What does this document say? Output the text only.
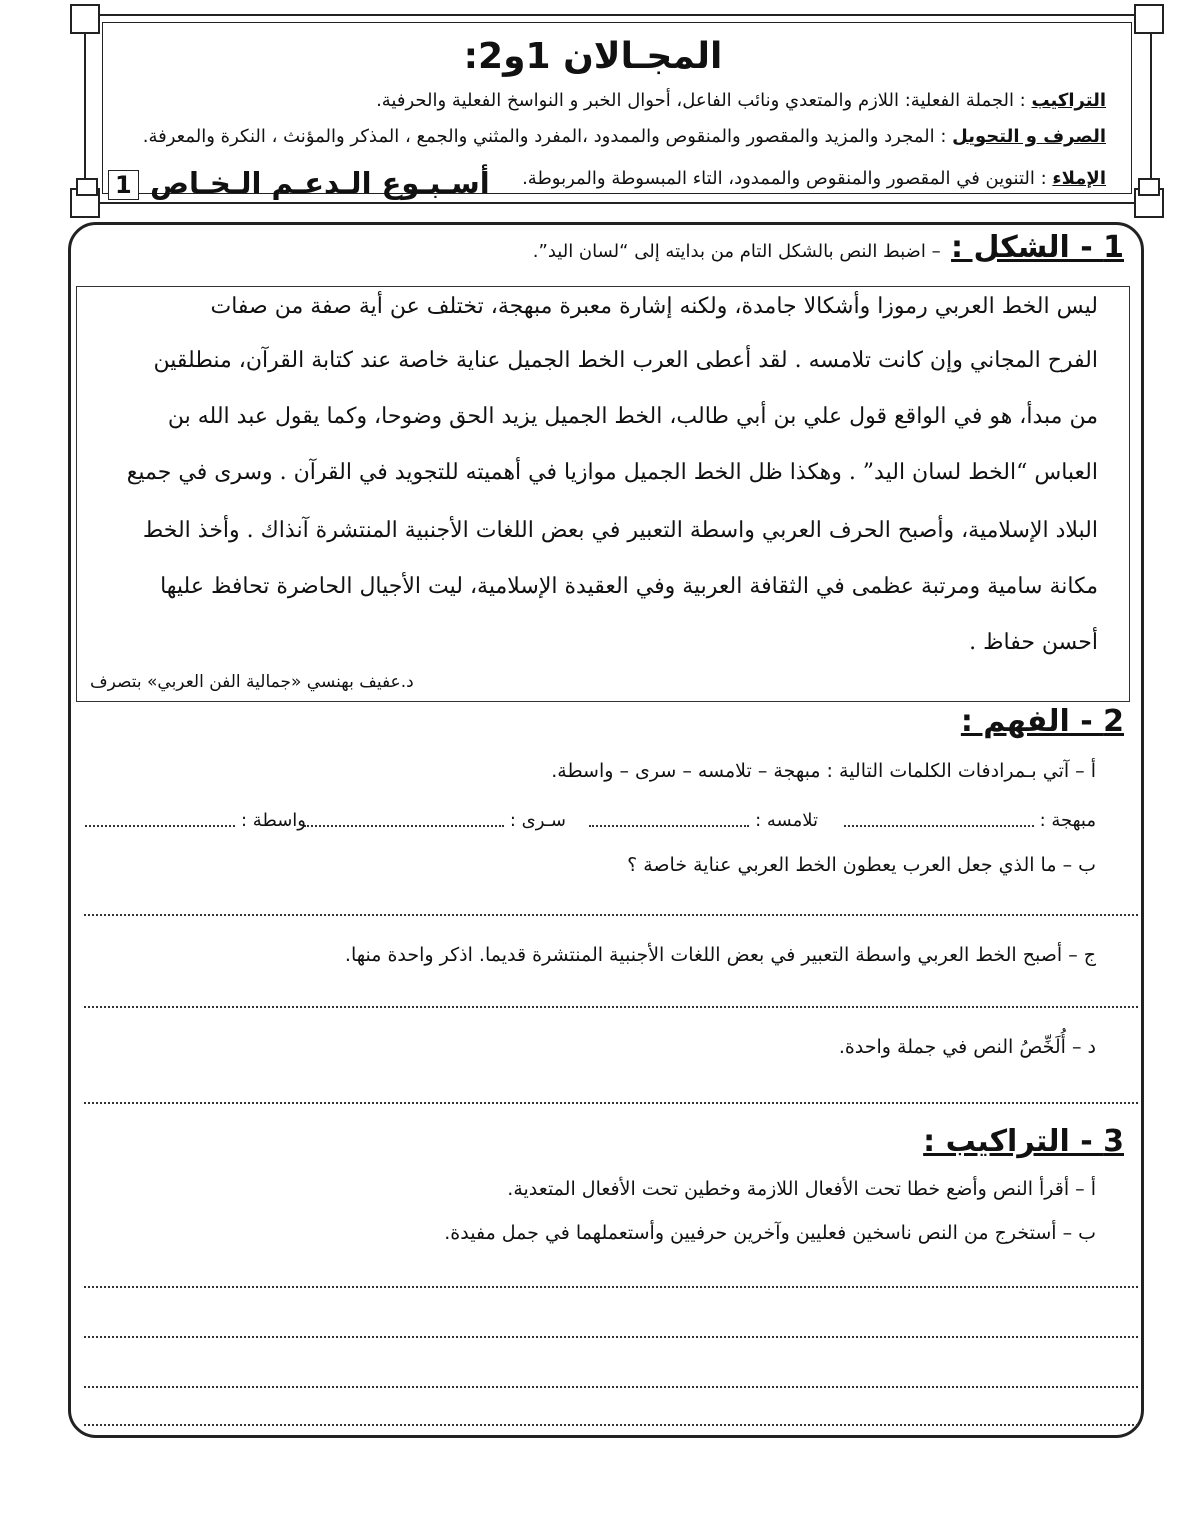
المجـالان 1و2:
التراكيب : الجملة الفعلية: اللازم والمتعدي ونائب الفاعل، أحوال الخبر و النواسخ الفعلية والحرفية.
الصرف و التحويل : المجرد والمزيد والمقصور والمنقوص والممدود ،المفرد والمثني والجمع ، المذكر والمؤنث ، النكرة والمعرفة.
الإملاء : التنوين في المقصور والمنقوص والممدود، التاء المبسوطة والمربوطة.
أسـبـوع الـدعـم الـخـاص
1
1 - الشكل : – اضبط النص بالشكل التام من بدايته إلى “لسان اليد”.
ليس الخط العربي رموزا وأشكالا جامدة، ولكنه إشارة معبرة مبهجة، تختلف عن أية صفة من صفات
الفرح المجاني وإن كانت تلامسه . لقد أعطى العرب الخط الجميل عناية خاصة عند كتابة القرآن، منطلقين
من مبدأ، هو في الواقع قول علي بن أبي طالب، الخط الجميل يزيد الحق وضوحا، وكما يقول عبد الله بن
العباس “الخط لسان اليد” . وهكذا ظل الخط الجميل موازيا في أهميته للتجويد في القرآن . وسرى في جميع
البلاد الإسلامية، وأصبح الحرف العربي واسطة التعبير في بعض اللغات الأجنبية المنتشرة آنذاك . وأخذ الخط
مكانة سامية ومرتبة عظمى في الثقافة العربية وفي العقيدة الإسلامية، ليت الأجيال الحاضرة تحافظ عليها
أحسن حفاظ .
د.عفيف بهنسي «جمالية الفن العربي» بتصرف
2 - الفهم :
أ – آتي بـمرادفات الكلمات التالية : مبهجة – تلامسه – سرى – واسطة.
مبهجة :
تلامسه :
سـرى :
واسطة :
ب – ما الذي جعل العرب يعطون الخط العربي عناية خاصة ؟
ج – أصبح الخط العربي واسطة التعبير في بعض اللغات الأجنبية المنتشرة قديما. اذكر واحدة منها.
د – أُلَخِّصُ النص في جملة واحدة.
3 - التراكيب :
أ – أقرأ النص وأضع خطا تحت الأفعال اللازمة وخطين تحت الأفعال المتعدية.
ب – أستخرج من النص ناسخين فعليين وآخرين حرفيين وأستعملهما في جمل مفيدة.
